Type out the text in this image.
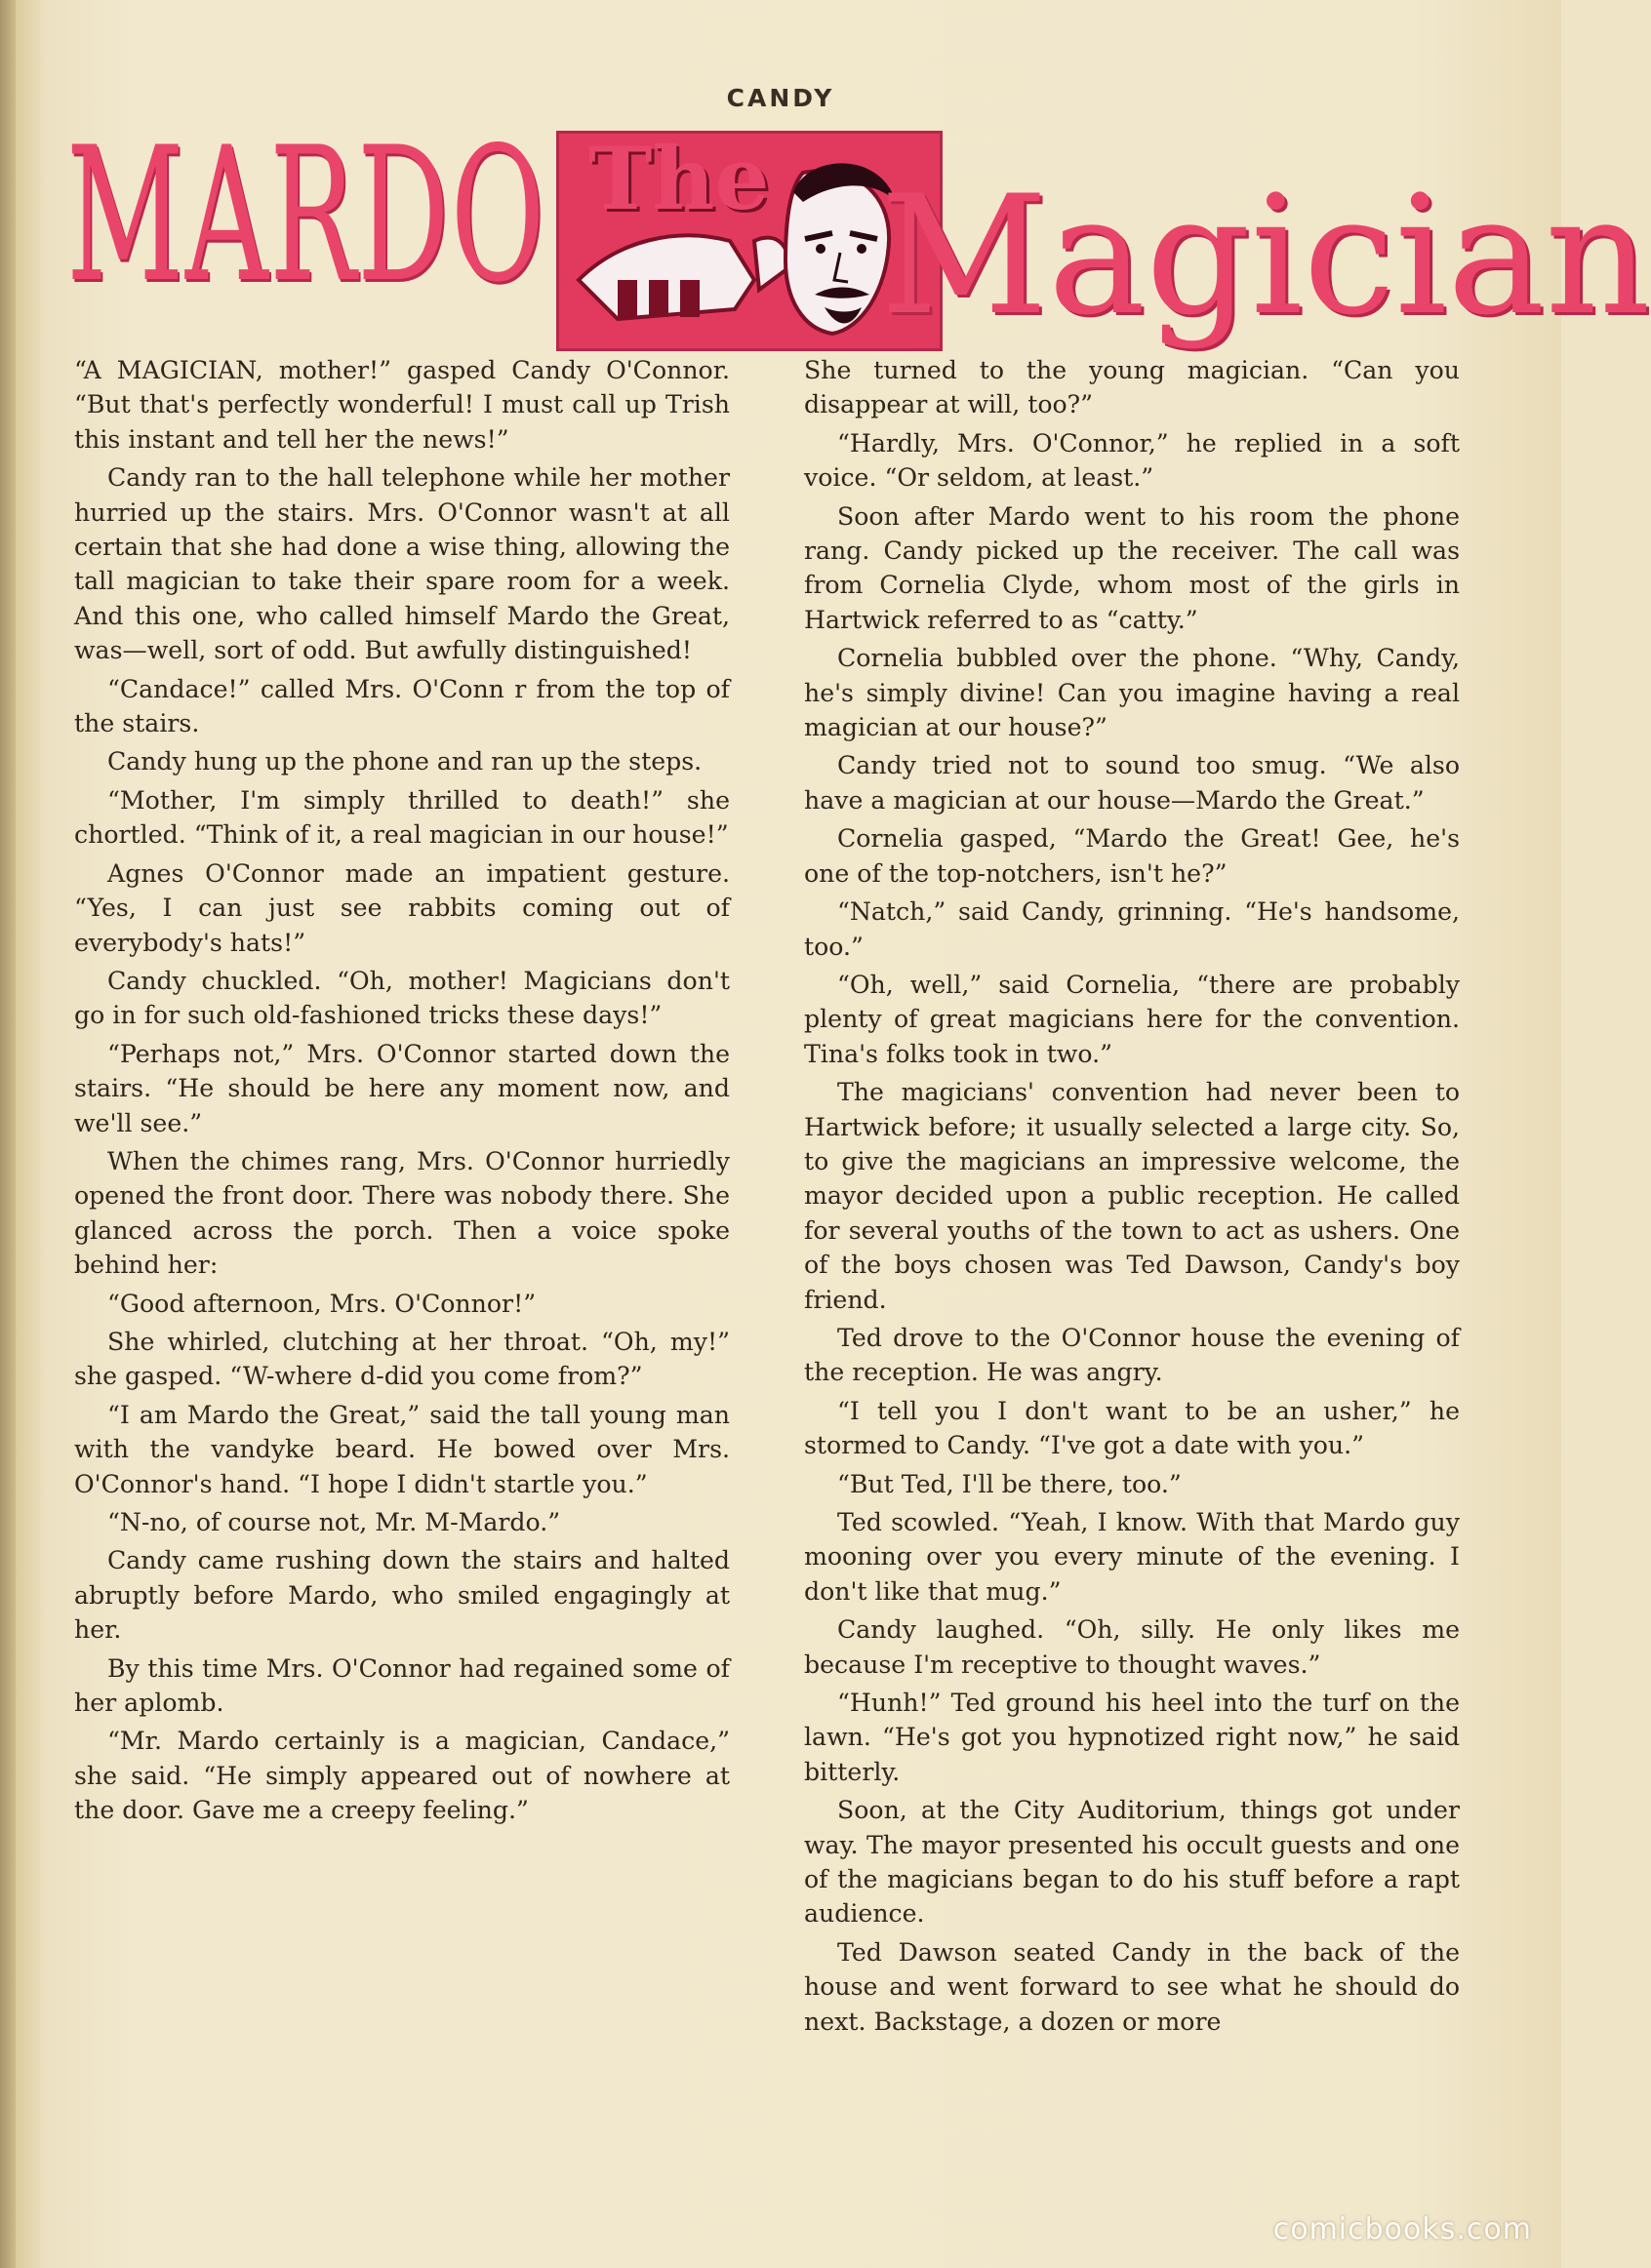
CANDY
MARDO The Magician

“A MAGICIAN, mother!” gasped Candy O'Connor. “But that's perfectly wonderful! I must call up Trish this instant and tell her the news!”

Candy ran to the hall telephone while her mother hurried up the stairs. Mrs. O'Connor wasn't at all certain that she had done a wise thing, allowing the tall magician to take their spare room for a week. And this one, who called himself Mardo the Great, was—well, sort of odd. But awfully distinguished!

“Candace!” called Mrs. O'Conn r from the top of the stairs.

Candy hung up the phone and ran up the steps.

“Mother, I'm simply thrilled to death!” she chortled. “Think of it, a real magician in our house!”

Agnes O'Connor made an impatient gesture. “Yes, I can just see rabbits coming out of everybody's hats!”

Candy chuckled. “Oh, mother! Magicians don't go in for such old-fashioned tricks these days!”

“Perhaps not,” Mrs. O'Connor started down the stairs. “He should be here any moment now, and we'll see.”

When the chimes rang, Mrs. O'Connor hurriedly opened the front door. There was nobody there. She glanced across the porch. Then a voice spoke behind her:

“Good afternoon, Mrs. O'Connor!”

She whirled, clutching at her throat. “Oh, my!” she gasped. “W-where d-did you come from?”

“I am Mardo the Great,” said the tall young man with the vandyke beard. He bowed over Mrs. O'Connor's hand. “I hope I didn't startle you.”

“N-no, of course not, Mr. M-Mardo.”

Candy came rushing down the stairs and halted abruptly before Mardo, who smiled engagingly at her.

By this time Mrs. O'Connor had regained some of her aplomb.

“Mr. Mardo certainly is a magician, Candace,” she said. “He simply appeared out of nowhere at the door. Gave me a creepy feeling.”

She turned to the young magician. “Can you disappear at will, too?”

“Hardly, Mrs. O'Connor,” he replied in a soft voice. “Or seldom, at least.”

Soon after Mardo went to his room the phone rang. Candy picked up the receiver. The call was from Cornelia Clyde, whom most of the girls in Hartwick referred to as “catty.”

Cornelia bubbled over the phone. “Why, Candy, he's simply divine! Can you imagine having a real magician at our house?”

Candy tried not to sound too smug. “We also have a magician at our house—Mardo the Great.”

Cornelia gasped, “Mardo the Great! Gee, he's one of the top-notchers, isn't he?”

“Natch,” said Candy, grinning. “He's handsome, too.”

“Oh, well,” said Cornelia, “there are probably plenty of great magicians here for the convention. Tina's folks took in two.”

The magicians' convention had never been to Hartwick before; it usually selected a large city. So, to give the magicians an impressive welcome, the mayor decided upon a public reception. He called for several youths of the town to act as ushers. One of the boys chosen was Ted Dawson, Candy's boy friend.

Ted drove to the O'Connor house the evening of the reception. He was angry.

“I tell you I don't want to be an usher,” he stormed to Candy. “I've got a date with you.”

“But Ted, I'll be there, too.”

Ted scowled. “Yeah, I know. With that Mardo guy mooning over you every minute of the evening. I don't like that mug.”

Candy laughed. “Oh, silly. He only likes me because I'm receptive to thought waves.”

“Hunh!” Ted ground his heel into the turf on the lawn. “He's got you hypnotized right now,” he said bitterly.

Soon, at the City Auditorium, things got under way. The mayor presented his occult guests and one of the magicians began to do his stuff before a rapt audience.

Ted Dawson seated Candy in the back of the house and went forward to see what he should do next. Backstage, a dozen or more

comicbooks.com
